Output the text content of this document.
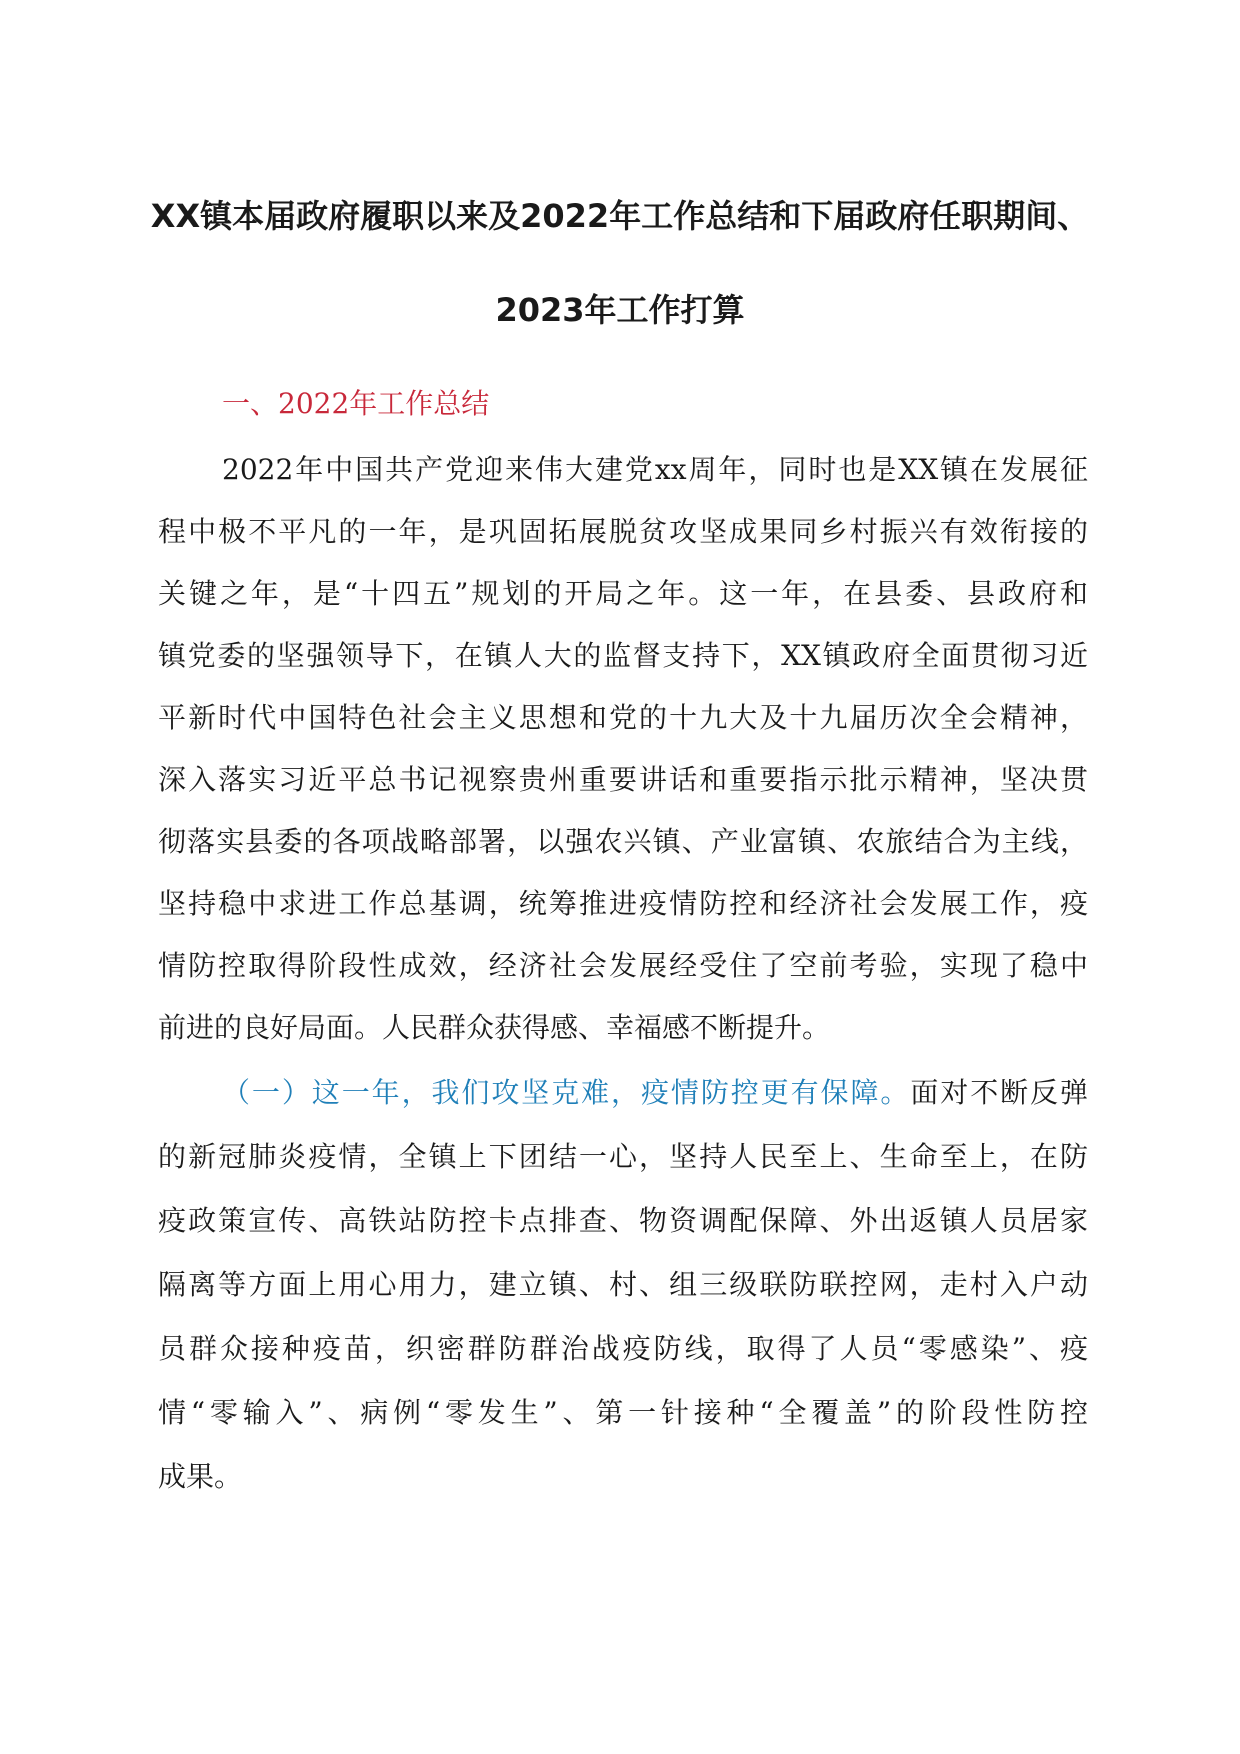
XX镇本届政府履职以来及2022年工作总结和下届政府任职期间、
2023年工作打算
一、2022年工作总结
2022年中国共产党迎来伟大建党xx周年，同时也是XX镇在发展征
程中极不平凡的一年，是巩固拓展脱贫攻坚成果同乡村振兴有效衔接的
关键之年，是“十四五”规划的开局之年。这一年，在县委、县政府和
镇党委的坚强领导下，在镇人大的监督支持下，XX镇政府全面贯彻习近
平新时代中国特色社会主义思想和党的十九大及十九届历次全会精神，
深入落实习近平总书记视察贵州重要讲话和重要指示批示精神，坚决贯
彻落实县委的各项战略部署，以强农兴镇、产业富镇、农旅结合为主线，
坚持稳中求进工作总基调，统筹推进疫情防控和经济社会发展工作，疫
情防控取得阶段性成效，经济社会发展经受住了空前考验，实现了稳中
前进的良好局面。人民群众获得感、幸福感不断提升。
（一）这一年，我们攻坚克难，疫情防控更有保障。面对不断反弹
的新冠肺炎疫情，全镇上下团结一心，坚持人民至上、生命至上，在防
疫政策宣传、高铁站防控卡点排查、物资调配保障、外出返镇人员居家
隔离等方面上用心用力，建立镇、村、组三级联防联控网，走村入户动
员群众接种疫苗，织密群防群治战疫防线，取得了人员“零感染”、疫
情“零输入”、病例“零发生”、第一针接种“全覆盖”的阶段性防控
成果。
